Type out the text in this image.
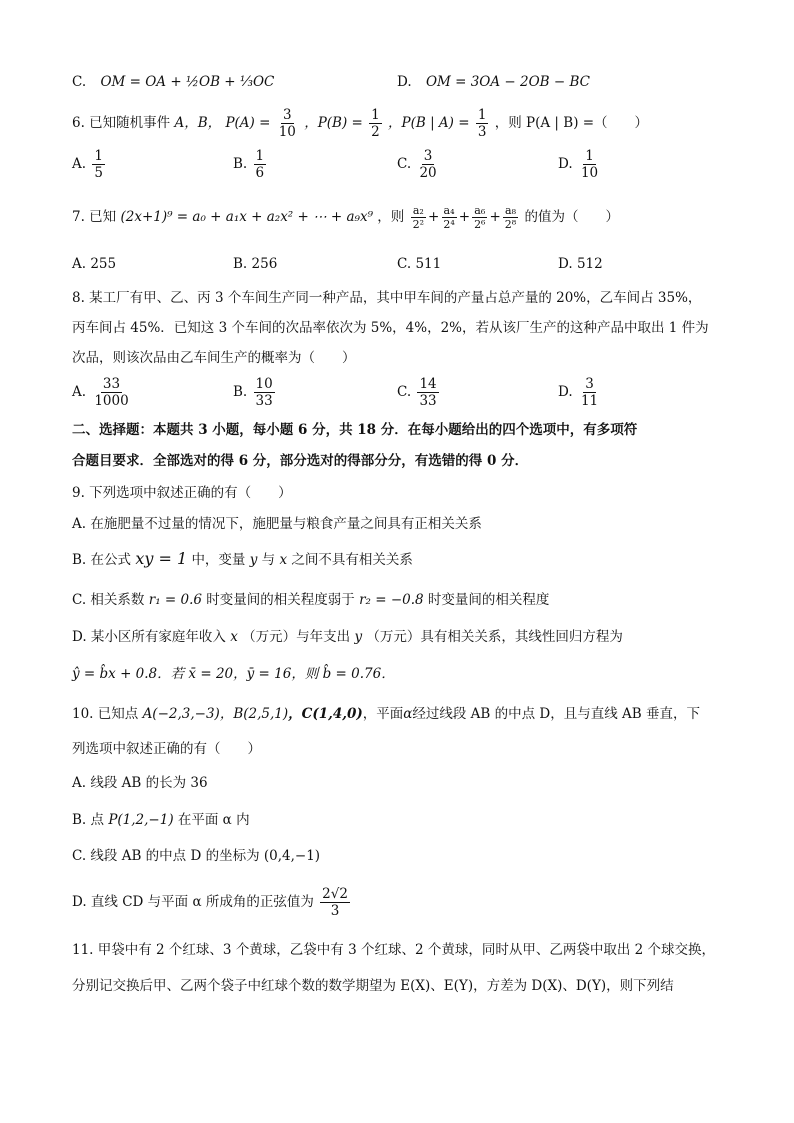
C. OM = OA + ½OB + ⅓OC	D. OM = 3OA − 2OB − BC
6. 已知随机事件 A，B， $P(A) = \frac{3}{10}$ ，$P(B) = \frac{1}{2}$ ，P(B | $A) = \frac{1}{3}$ ，则 P(A | B) =（　　）
A. $\frac{1}{5}$	B. $\frac{1}{6}$	C. $\frac{3}{20}$	D. $\frac{1}{10}$
7. 已知 (2x+1)⁹ = a₀ + a₁x + a₂x² + ⋯ + a₉x⁹ ，则 $\frac{\text{a₂}}{\text{2²}} + \frac{\text{a₄}}{\text{2⁴}} + \frac{\text{a₆}}{\text{2⁶}} + \frac{\text{a₈}}{\text{2⁸}}$ 的值为（　　）
A. 255	B. 256	C. 511	D. 512
8. 某工厂有甲、乙、丙 3 个车间生产同一种产品，其中甲车间的产量占总产量的 20%，乙车间占 35%，
丙车间占 45%．已知这 3 个车间的次品率依次为 5%，4%，2%，若从该厂生产的这种产品中取出 1 件为
次品，则该次品由乙车间生产的概率为（　　）
A. $\frac{33}{1000}$	B. $\frac{10}{33}$	C. $\frac{14}{33}$	D. $\frac{3}{11}$
二、选择题：本题共 3 小题，每小题 6 分，共 18 分．在每小题给出的四个选项中，有多项符
合题目要求．全部选对的得 6 分，部分选对的得部分分，有选错的得 0 分．
9. 下列选项中叙述正确的有（　　）
A. 在施肥量不过量的情况下，施肥量与粮食产量之间具有正相关关系
B. 在公式 xy = 1 中，变量 y 与 x 之间不具有相关关系
C. 相关系数 r₁ = 0.6 时变量间的相关程度弱于 r₂ = −0.8 时变量间的相关程度
D. 某小区所有家庭年收入 x （万元）与年支出 y （万元）具有相关关系，其线性回归方程为
ŷ = b̂x + 0.8．若 x̄ = 20，ȳ = 16，则 b̂ = 0.76．
10. 已知点 A(−2,3,−3)，B(2,5,1)，C(1,4,0)，平面α经过线段 AB 的中点 D，且与直线 AB 垂直，下
列选项中叙述正确的有（　　）
A. 线段 AB 的长为 36
B. 点 P(1,2,−1) 在平面 α 内
C. 线段 AB 的中点 D 的坐标为 (0,4,−1)
D. 直线 CD 与平面 α 所成角的正弦值为 $\frac{2√2}{3}$
11. 甲袋中有 2 个红球、3 个黄球，乙袋中有 3 个红球、2 个黄球，同时从甲、乙两袋中取出 2 个球交换，
分别记交换后甲、乙两个袋子中红球个数的数学期望为 E(X)、E(Y)，方差为 D(X)、D(Y)，则下列结
